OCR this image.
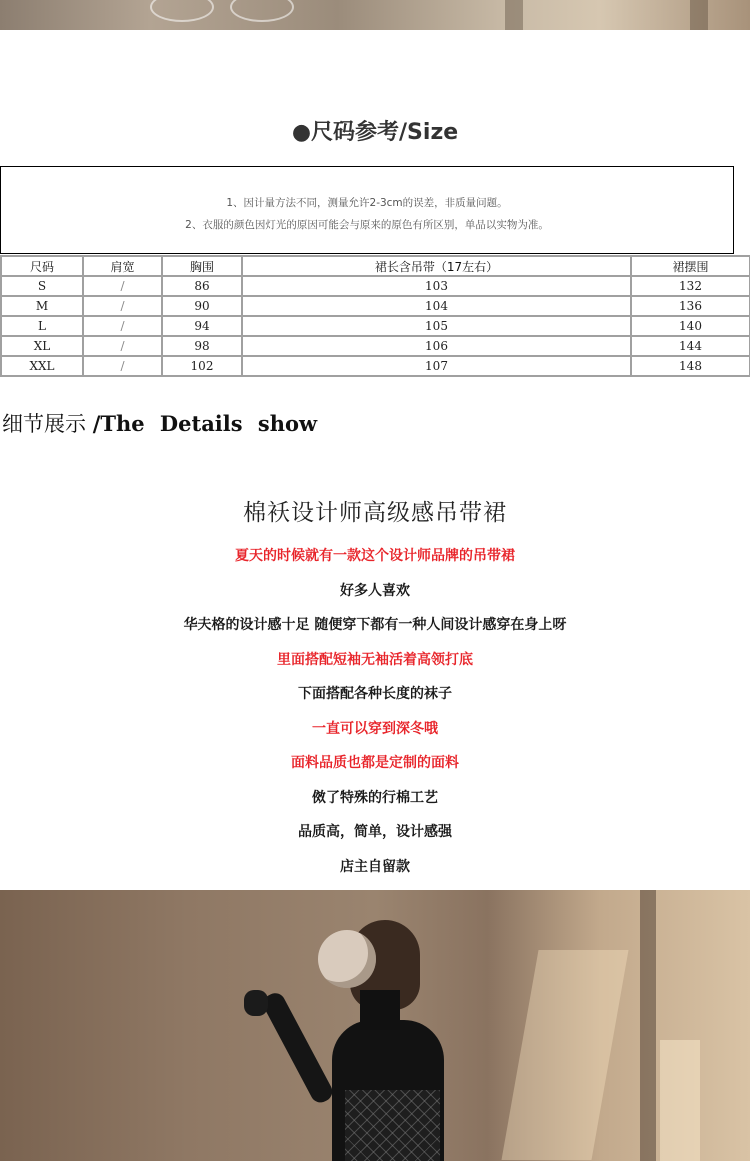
●尺码参考/Size
1、因计量方法不同，测量允许2-3cm的误差，非质量问题。
2、衣服的颜色因灯光的原因可能会与原来的原色有所区别，单品以实物为准。
尺码	肩宽	胸围	裙长含吊带（17左右）	裙摆围
S	/	86	103	132
M	/	90	104	136
L	/	94	105	140
XL	/	98	106	144
XXL	/	102	107	148
细节展示 /The Details show
棉袄设计师高级感吊带裙
夏天的时候就有一款这个设计师品牌的吊带裙
好多人喜欢
华夫格的设计感十足 随便穿下都有一种人间设计感穿在身上呀
里面搭配短袖无袖活着高领打底
下面搭配各种长度的袜子
一直可以穿到深冬哦
面料品质也都是定制的面料
傚了特殊的行棉工艺
品质高，简单，设计感强
店主自留款
